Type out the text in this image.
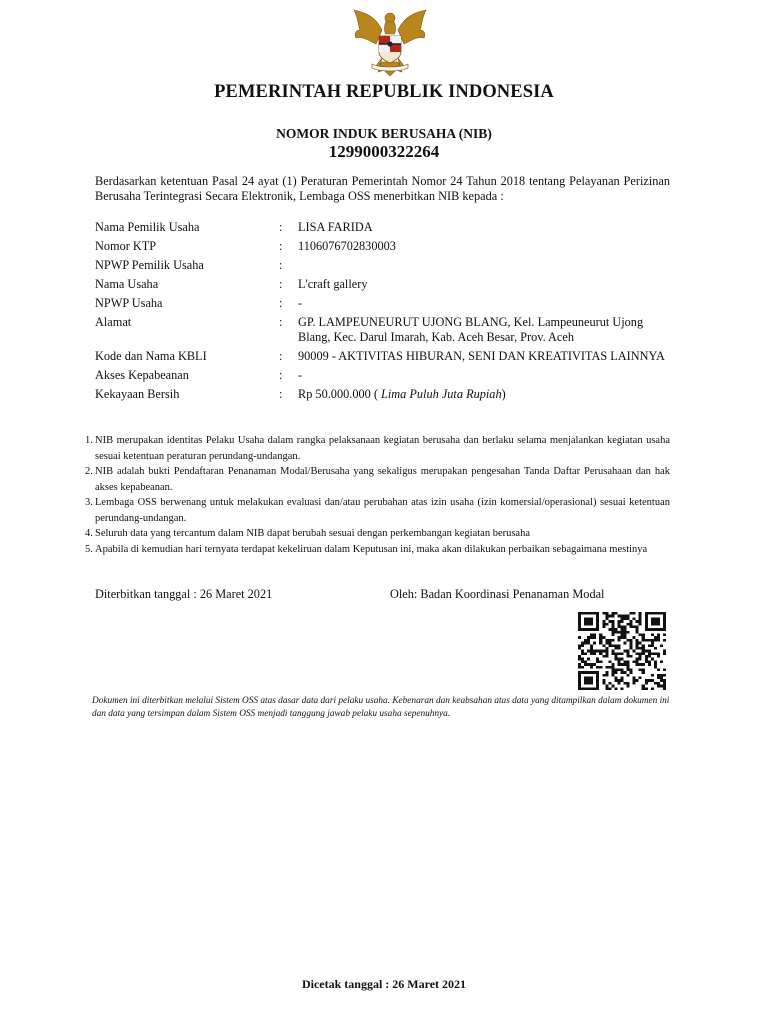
PEMERINTAH REPUBLIK INDONESIA
NOMOR INDUK BERUSAHA (NIB)
1299000322264
Berdasarkan ketentuan Pasal 24 ayat (1) Peraturan Pemerintah Nomor 24 Tahun 2018 tentang Pelayanan Perizinan Berusaha Terintegrasi Secara Elektronik, Lembaga OSS menerbitkan NIB kepada :
Nama Pemilik Usaha	:	LISA FARIDA
Nomor KTP	:	1106076702830003
NPWP Pemilik Usaha	:
Nama Usaha	:	L'craft gallery
NPWP Usaha	:	-
Alamat	:	GP. LAMPEUNEURUT UJONG BLANG, Kel. Lampeuneurut Ujong Blang, Kec. Darul Imarah, Kab. Aceh Besar, Prov. Aceh
Kode dan Nama KBLI	:	90009 - AKTIVITAS HIBURAN, SENI DAN KREATIVITAS LAINNYA
Akses Kepabeanan	:	-
Kekayaan Bersih	:	Rp 50.000.000 ( Lima Puluh Juta Rupiah)
1. NIB merupakan identitas Pelaku Usaha dalam rangka pelaksanaan kegiatan berusaha dan berlaku selama menjalankan kegiatan usaha sesuai ketentuan peraturan perundang-undangan.
2. NIB adalah bukti Pendaftaran Penanaman Modal/Berusaha yang sekaligus merupakan pengesahan Tanda Daftar Perusahaan dan hak akses kepabeanan.
3. Lembaga OSS berwenang untuk melakukan evaluasi dan/atau perubahan atas izin usaha (izin komersial/operasional) sesuai ketentuan perundang-undangan.
4. Seluruh data yang tercantum dalam NIB dapat berubah sesuai dengan perkembangan kegiatan berusaha
5. Apabila di kemudian hari ternyata terdapat kekeliruan dalam Keputusan ini, maka akan dilakukan perbaikan sebagaimana mestinya
Diterbitkan tanggal : 26 Maret 2021	Oleh: Badan Koordinasi Penanaman Modal
Dokumen ini diterbitkan melalui Sistem OSS atas dasar data dari pelaku usaha. Kebenaran dan keabsahan atas data yang ditampilkan dalam dokumen ini dan data yang tersimpan dalam Sistem OSS menjadi tanggung jawab pelaku usaha sepenuhnya.
Dicetak tanggal : 26 Maret 2021
